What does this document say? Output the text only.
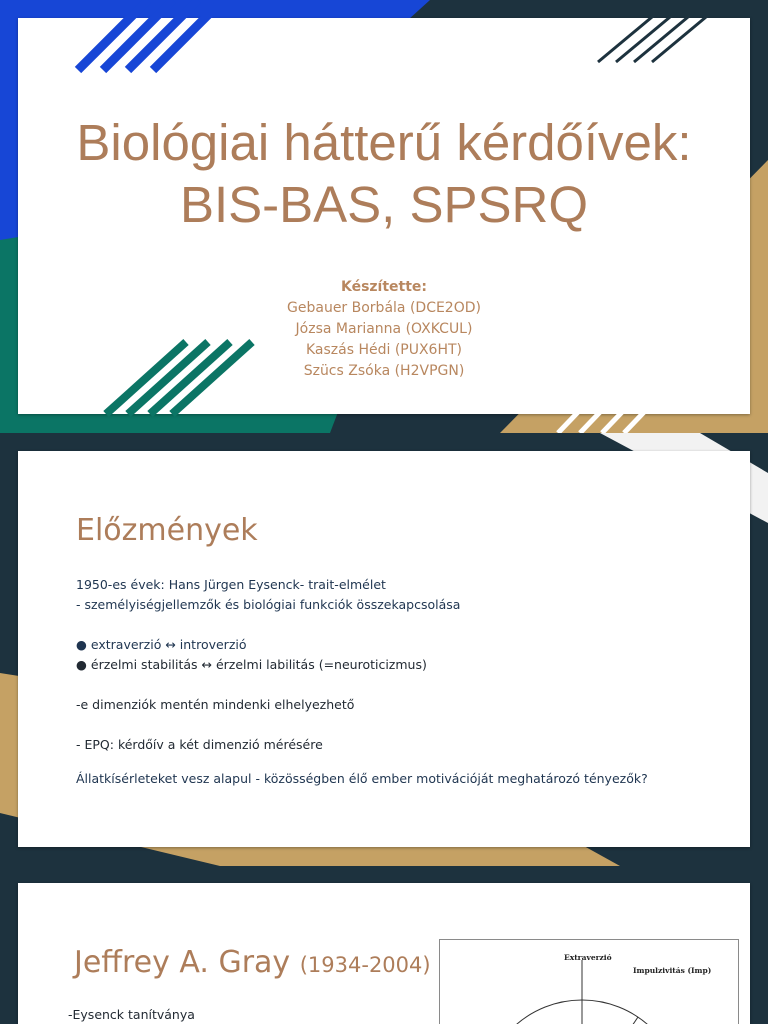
Biológiai hátterű kérdőívek:
BIS-BAS, SPSRQ
Készítette:
Gebauer Borbála (DCE2OD)
Józsa Marianna (OXKCUL)
Kaszás Hédi (PUX6HT)
Szücs Zsóka (H2VPGN)
Előzmények

1950-es évek: Hans Jürgen Eysenck- trait-elmélet

- személyiségjellemzők és biológiai funkciók összekapcsolása

● extraverzió ↔ introverzió

● érzelmi stabilitás ↔ érzelmi labilitás (=neuroticizmus)

-e dimenziók mentén mindenki elhelyezhető

- EPQ: kérdőív a két dimenzió mérésére

Állatkísérleteket vesz alapul - közösségben élő ember motivációját meghatározó tényezők?

Jeffrey A. Gray (1934-2004)
-Eysenck tanítványa
Extraverzió
Impulzivitás (Imp)
